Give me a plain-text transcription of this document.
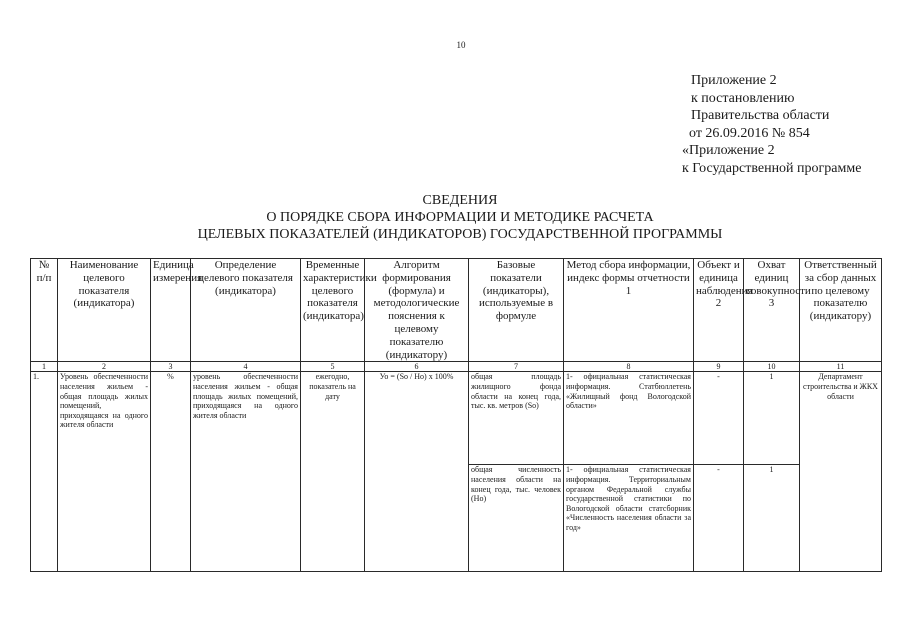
10
Приложение 2
к постановлению
Правительства области
от 26.09.2016 № 854
«Приложение 2
к Государственной программе
СВЕДЕНИЯ
О ПОРЯДКЕ СБОРА ИНФОРМАЦИИ И МЕТОДИКЕ РАСЧЕТА
ЦЕЛЕВЫХ ПОКАЗАТЕЛЕЙ (ИНДИКАТОРОВ) ГОСУДАРСТВЕННОЙ ПРОГРАММЫ
№ п/п	Наименование целевого показателя (индикатора)	Единица измерения	Определение целевого показателя (индикатора)	Временные характеристики целевого показателя (индикатора)	Алгоритм формирования (формула) и методологические пояснения к целевому показателю (индикатору)	Базовые показатели (индикаторы), используемые в формуле	Метод сбора информации, индекс формы отчетности 1	Объект и единица наблюдения 2	Охват единиц совокупности 3	Ответственный за сбор данных по целевому показателю (индикатору)
1	2	3	4	5	6	7	8	9	10	11
1.	Уровень обеспеченности населения жильем - общая площадь жилых помещений, приходящаяся на одного жителя области	%	уровень обеспеченности населения жильем - общая площадь жилых помещений, приходящаяся на одного жителя области	ежегодно, показатель на дату	Уо = (Sо / Но) х 100%	общая площадь жилищного фонда области на конец года, тыс. кв. метров (Sо)	1- официальная статистическая информация. Статбюллетень «Жилищный фонд Вологодской области»	-	1	Департамент строительства и ЖКХ области
						общая численность населения области на конец года, тыс. человек (Но)	1- официальная статистическая информация. Территориальным органом Федеральной службы государственной статистики по Вологодской области статсборник «Численность населения области за год»	-	1	
